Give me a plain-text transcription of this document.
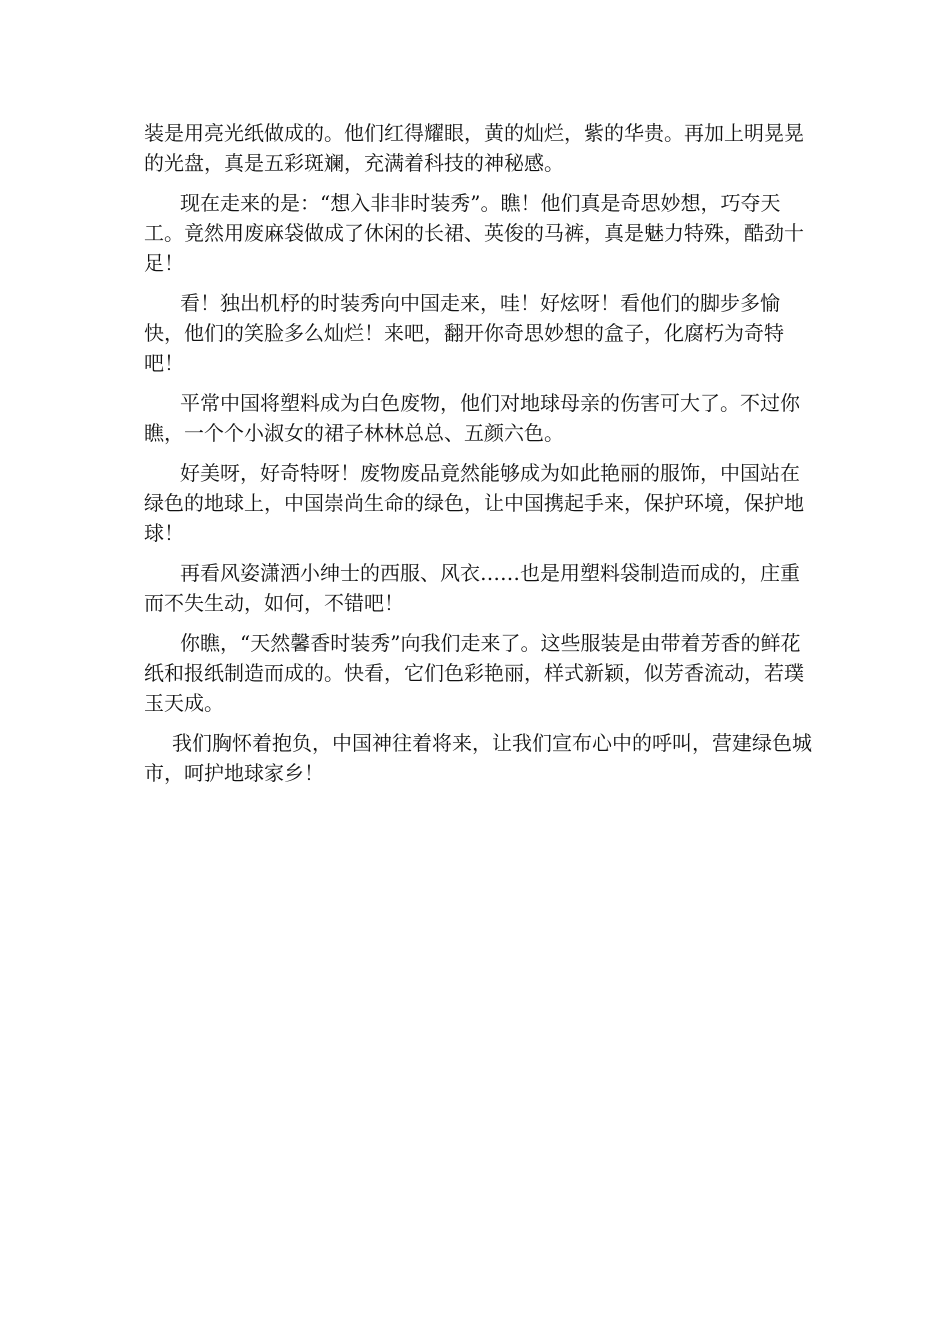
装是用亮光纸做成的。他们红得耀眼，黄的灿烂，紫的华贵。再加上明晃晃的光盘，真是五彩斑斓，充满着科技的神秘感。

现在走来的是：“想入非非时装秀”。瞧！他们真是奇思妙想，巧夺天工。竟然用废麻袋做成了休闲的长裙、英俊的马裤，真是魅力特殊，酷劲十足！

看！独出机杼的时装秀向中国走来，哇！好炫呀！看他们的脚步多愉快，他们的笑脸多么灿烂！来吧，翻开你奇思妙想的盒子，化腐朽为奇特吧！

平常中国将塑料成为白色废物，他们对地球母亲的伤害可大了。不过你瞧，一个个小淑女的裙子林林总总、五颜六色。

好美呀，好奇特呀！废物废品竟然能够成为如此艳丽的服饰，中国站在绿色的地球上，中国崇尚生命的绿色，让中国携起手来，保护环境，保护地球！

再看风姿潇洒小绅士的西服、风衣……也是用塑料袋制造而成的，庄重而不失生动，如何，不错吧！

你瞧，“天然馨香时装秀”向我们走来了。这些服装是由带着芳香的鲜花纸和报纸制造而成的。快看，它们色彩艳丽，样式新颖，似芳香流动，若璞玉天成。

我们胸怀着抱负，中国神往着将来，让我们宣布心中的呼叫，营建绿色城市，呵护地球家乡！
